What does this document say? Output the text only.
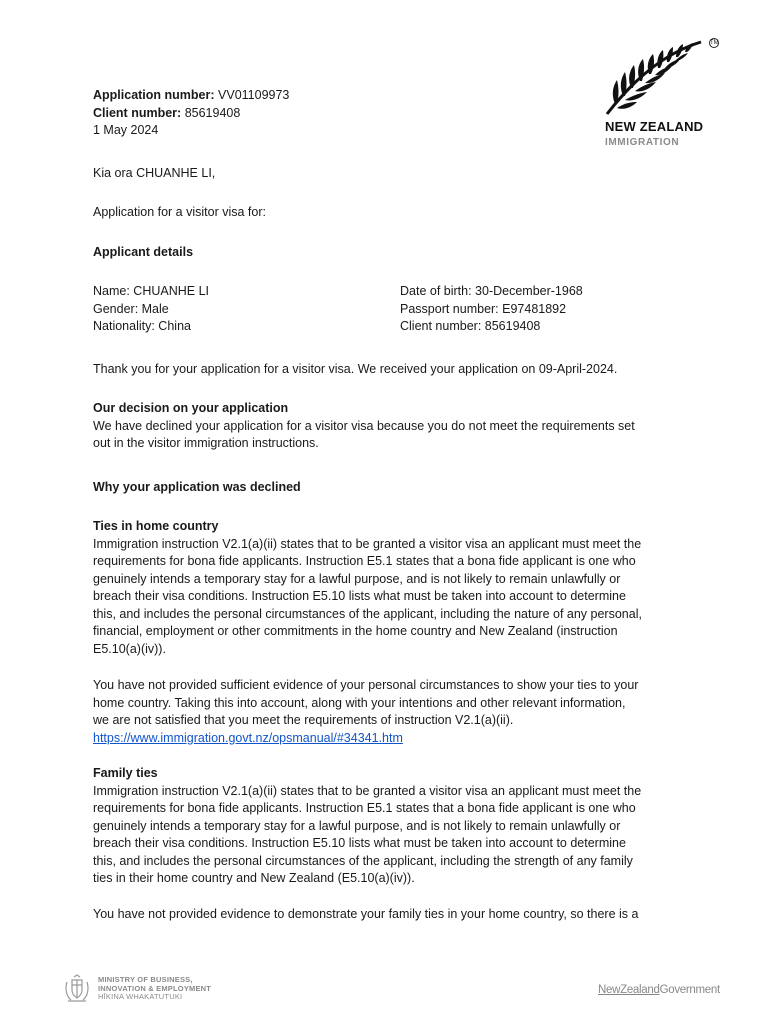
TM
NEW ZEALAND
IMMIGRATION
Application number: VV01109973
Client number: 85619408
1 May 2024
Kia ora CHUANHE LI,
Application for a visitor visa for:
Applicant details
Name: CHUANHE LI
Gender: Male
Nationality: China
Date of birth: 30-December-1968
Passport number: E97481892
Client number: 85619408
Thank you for your application for a visitor visa. We received your application on 09-April-2024.
Our decision on your application
We have declined your application for a visitor visa because you do not meet the requirements set
out in the visitor immigration instructions.
Why your application was declined
Ties in home country
Immigration instruction V2.1(a)(ii) states that to be granted a visitor visa an applicant must meet the
requirements for bona fide applicants. Instruction E5.1 states that a bona fide applicant is one who
genuinely intends a temporary stay for a lawful purpose, and is not likely to remain unlawfully or
breach their visa conditions. Instruction E5.10 lists what must be taken into account to determine
this, and includes the personal circumstances of the applicant, including the nature of any personal,
financial, employment or other commitments in the home country and New Zealand (instruction
E5.10(a)(iv)).
You have not provided sufficient evidence of your personal circumstances to show your ties to your
home country. Taking this into account, along with your intentions and other relevant information,
we are not satisfied that you meet the requirements of instruction V2.1(a)(ii).
https://www.immigration.govt.nz/opsmanual/#34341.htm
Family ties
Immigration instruction V2.1(a)(ii) states that to be granted a visitor visa an applicant must meet the
requirements for bona fide applicants. Instruction E5.1 states that a bona fide applicant is one who
genuinely intends a temporary stay for a lawful purpose, and is not likely to remain unlawfully or
breach their visa conditions. Instruction E5.10 lists what must be taken into account to determine
this, and includes the personal circumstances of the applicant, including the strength of any family
ties in their home country and New Zealand (E5.10(a)(iv)).
You have not provided evidence to demonstrate your family ties in your home country, so there is a
MINISTRY OF BUSINESS,
INNOVATION & EMPLOYMENT
HĪKINA WHAKATUTUKI
NewZealandGovernment
